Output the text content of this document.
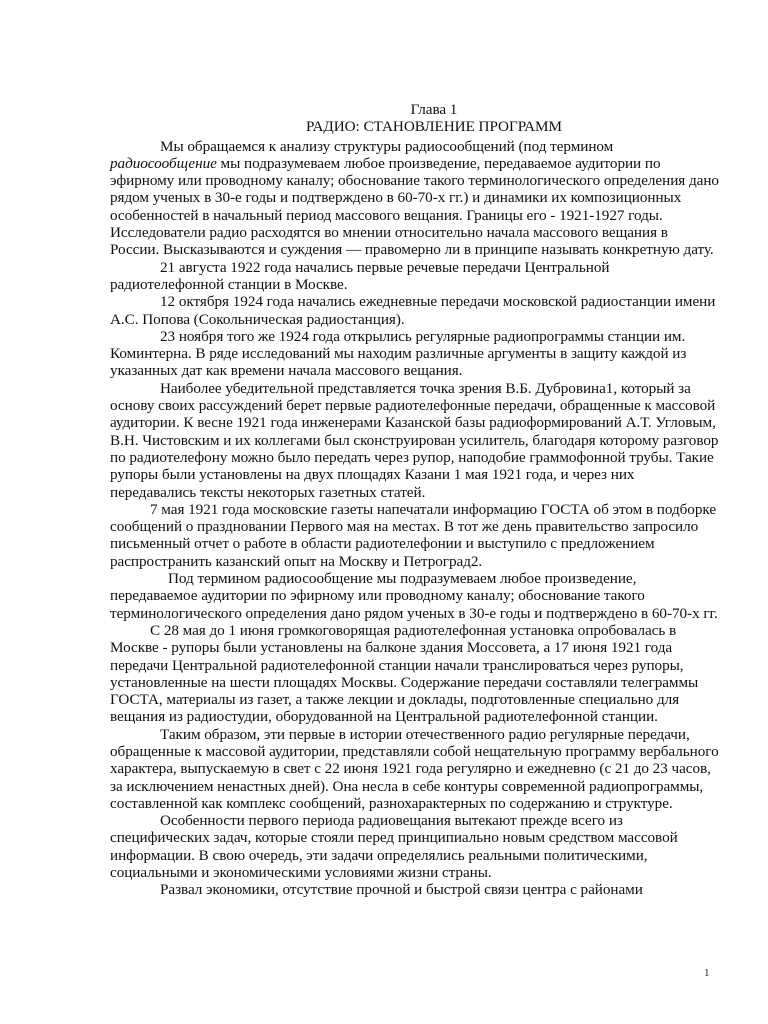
Глава 1

РАДИО: СТАНОВЛЕНИЕ ПРОГРАММ

Мы обращаемся к анализу структуры радиосообщений (под термином радиосообщение мы подразумеваем любое произведение, передаваемое аудитории по эфирному или проводному каналу; обоснование такого терминологического определения дано рядом ученых в 30-е годы и подтверждено в 60-70-х гг.) и динамики их композиционных особенностей в начальный период массового вещания. Границы его - 1921-1927 годы. Исследователи радио расходятся во мнении относительно начала массового вещания в России. Высказываются и суждения — правомерно ли в принципе называть конкретную дату.

21 августа 1922 года начались первые речевые передачи Центральной радиотелефонной станции в Москве.

12 октября 1924 года начались ежедневные передачи московской радиостанции имени А.С. Попова (Сокольническая радиостанция).

23 ноября того же 1924 года открылись регулярные радиопрограммы станции им. Коминтерна. В ряде исследований мы находим различные аргументы в защиту каждой из указанных дат как времени начала массового вещания.

Наиболее убедительной представляется точка зрения В.Б. Дубровина1, который за основу своих рассуждений берет первые радиотелефонные передачи, обращенные к массовой аудитории. К весне 1921 года инженерами Казанской базы радиоформирований А.Т. Угловым, В.Н. Чистовским и их коллегами был сконструирован усилитель, благодаря которому разговор по радиотелефону можно было передать через рупор, наподобие граммофонной трубы. Такие рупоры были установлены на двух площадях Казани 1 мая 1921 года, и через них передавались тексты некоторых газетных статей.

7 мая 1921 года московские газеты напечатали информацию ГОСТА об этом в подборке сообщений о праздновании Первого мая на местах. В тот же день правительство запросило письменный отчет о работе в области радиотелефонии и выступило с предложением распространить казанский опыт на Москву и Петроград2.

Под термином радиосообщение мы подразумеваем любое произведение, передаваемое аудитории по эфирному или проводному каналу; обоснование такого терминологического определения дано рядом ученых в 30-е годы и подтверждено в 60-70-х гг.

С 28 мая до 1 июня громкоговорящая радиотелефонная установка опробовалась в Москве - рупоры были установлены на балконе здания Моссовета, а 17 июня 1921 года передачи Центральной радиотелефонной станции начали транслироваться через рупоры, установленные на шести площадях Москвы. Содержание передачи составляли телеграммы ГОСТА, материалы из газет, а также лекции и доклады, подготовленные специально для вещания из радиостудии, оборудованной на Центральной радиотелефонной станции.

Таким образом, эти первые в истории отечественного радио регулярные передачи, обращенные к массовой аудитории, представляли собой нещательную программу вербального характера, выпускаемую в свет с 22 июня 1921 года регулярно и ежедневно (с 21 до 23 часов, за исключением ненастных дней). Она несла в себе контуры современной радиопрограммы, составленной как комплекс сообщений, разнохарактерных по содержанию и структуре.

Особенности первого периода радиовещания вытекают прежде всего из специфических задач, которые стояли перед принципиально новым средством массовой информации. В свою очередь, эти задачи определялись реальными политическими, социальными и экономическими условиями жизни страны.

Развал экономики, отсутствие прочной и быстрой связи центра с районами

1
